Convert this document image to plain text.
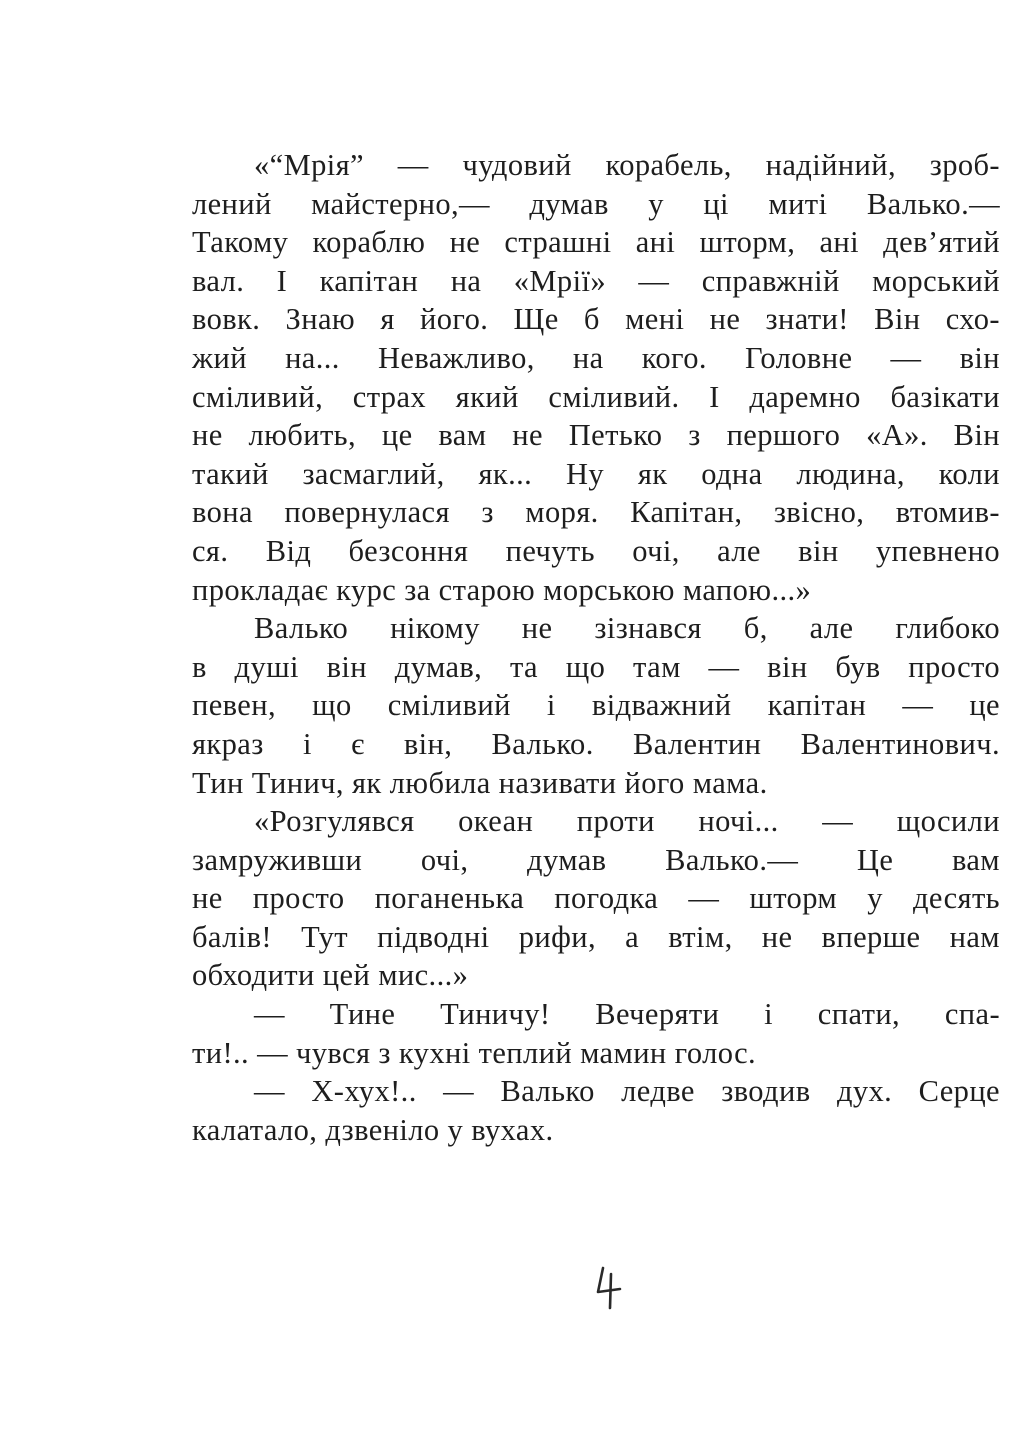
«“Мрія” — чудовий корабель, надійний, зроб-
лений майстерно,— думав у ці миті Валько.—
Такому кораблю не страшні ані шторм, ані дев’ятий
вал. І капітан на «Мрії» — справжній морський
вовк. Знаю я його. Ще б мені не знати! Він схо-
жий на... Неважливо, на кого. Головне — він
сміливий, страх який сміливий. І даремно базікати
не любить, це вам не Петько з першого «А». Він
такий засмаглий, як... Ну як одна людина, коли
вона повернулася з моря. Капітан, звісно, втомив-
ся. Від безсоння печуть очі, але він упевнено
прокладає курс за старою морською мапою...»
Валько нікому не зізнався б, але глибоко
в душі він думав, та що там — він був просто
певен, що сміливий і відважний капітан — це
якраз і є він, Валько. Валентин Валентинович.
Тин Тинич, як любила називати його мама.
«Розгулявся океан проти ночі... — щосили
замруживши очі, думав Валько.— Це вам
не просто поганенька погодка — шторм у десять
балів! Тут підводні рифи, а втім, не вперше нам
обходити цей мис...»
— Тине Тиничу! Вечеряти і спати, спа-
ти!.. — чувся з кухні теплий мамин голос.
— Х-хух!.. — Валько ледве зводив дух. Серце
калатало, дзвеніло у вухах.
